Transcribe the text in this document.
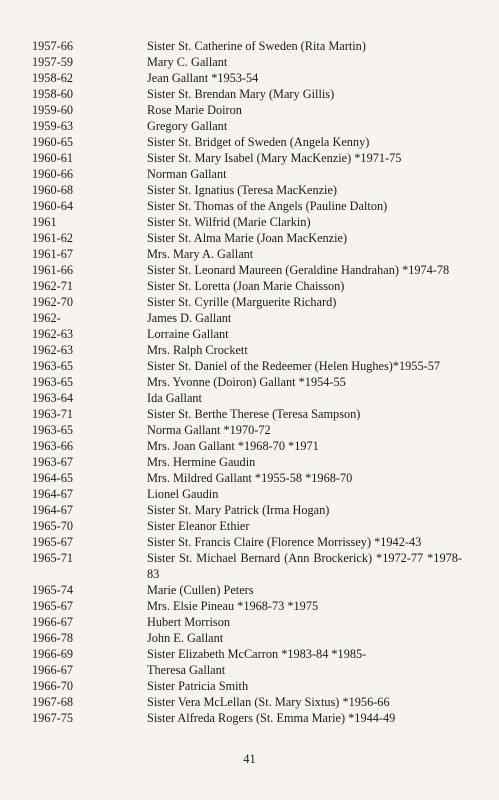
1957-66	Sister St. Catherine of Sweden (Rita Martin)
1957-59	Mary C. Gallant
1958-62	Jean Gallant *1953-54
1958-60	Sister St. Brendan Mary (Mary Gillis)
1959-60	Rose Marie Doiron
1959-63	Gregory Gallant
1960-65	Sister St. Bridget of Sweden (Angela Kenny)
1960-61	Sister St. Mary Isabel (Mary MacKenzie) *1971-75
1960-66	Norman Gallant
1960-68	Sister St. Ignatius (Teresa MacKenzie)
1960-64	Sister St. Thomas of the Angels (Pauline Dalton)
1961	Sister St. Wilfrid (Marie Clarkin)
1961-62	Sister St. Alma Marie (Joan MacKenzie)
1961-67	Mrs. Mary A. Gallant
1961-66	Sister St. Leonard Maureen (Geraldine Handrahan) *1974-78
1962-71	Sister St. Loretta (Joan Marie Chaisson)
1962-70	Sister St. Cyrille (Marguerite Richard)
1962-	James D. Gallant
1962-63	Lorraine Gallant
1962-63	Mrs. Ralph Crockett
1963-65	Sister St. Daniel of the Redeemer (Helen Hughes)*1955-57
1963-65	Mrs. Yvonne (Doiron) Gallant *1954-55
1963-64	Ida Gallant
1963-71	Sister St. Berthe Therese (Teresa Sampson)
1963-65	Norma Gallant *1970-72
1963-66	Mrs. Joan Gallant *1968-70 *1971
1963-67	Mrs. Hermine Gaudin
1964-65	Mrs. Mildred Gallant *1955-58 *1968-70
1964-67	Lionel Gaudin
1964-67	Sister St. Mary Patrick (Irma Hogan)
1965-70	Sister Eleanor Ethier
1965-67	Sister St. Francis Claire (Florence Morrissey) *1942-43
1965-71	Sister St. Michael Bernard (Ann Brockerick) *1972-77 *1978-83
1965-74	Marie (Cullen) Peters
1965-67	Mrs. Elsie Pineau *1968-73 *1975
1966-67	Hubert Morrison
1966-78	John E. Gallant
1966-69	Sister Elizabeth McCarron *1983-84 *1985-
1966-67	Theresa Gallant
1966-70	Sister Patricia Smith
1967-68	Sister Vera McLellan (St. Mary Sixtus) *1956-66
1967-75	Sister Alfreda Rogers (St. Emma Marie) *1944-49
41
